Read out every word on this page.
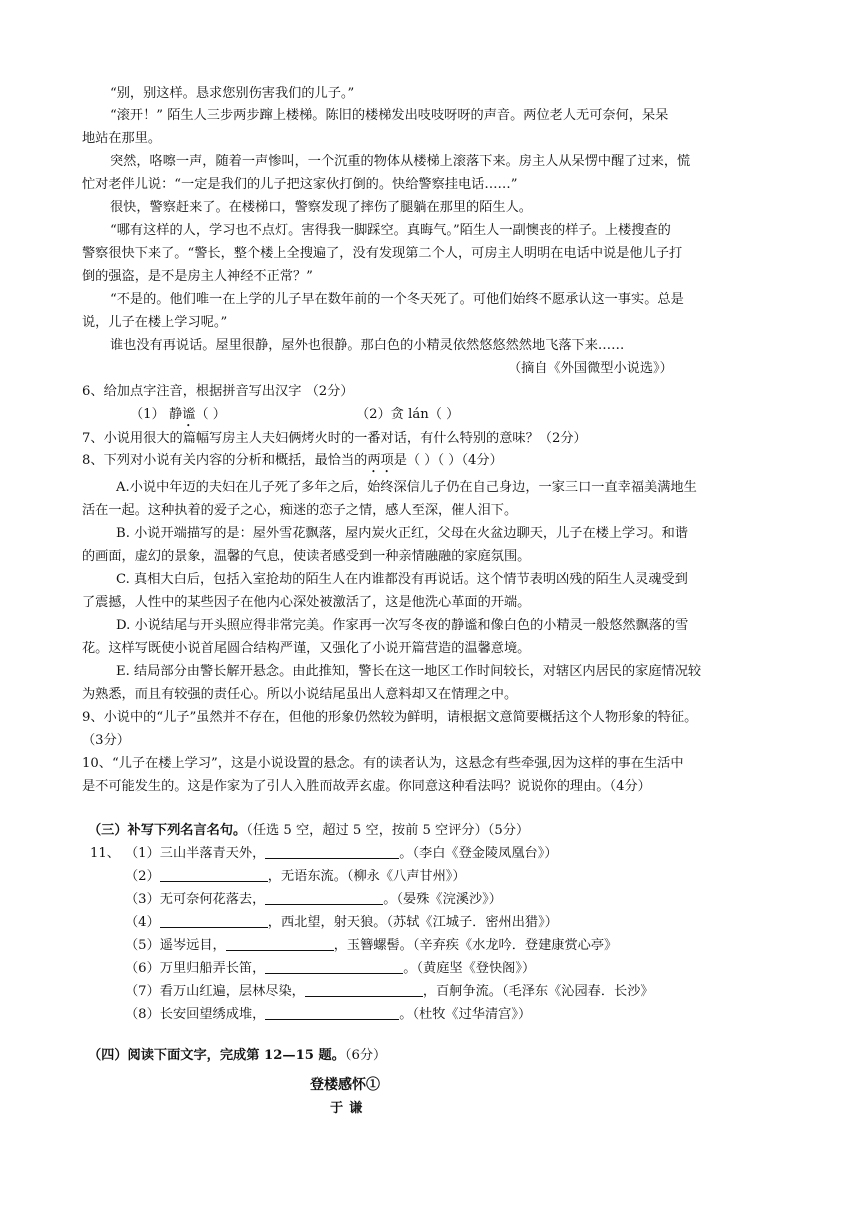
“别，别这样。恳求您别伤害我们的儿子。”
“滚开！” 陌生人三步两步蹿上楼梯。陈旧的楼梯发出吱吱呀呀的声音。两位老人无可奈何，呆呆
地站在那里。
突然，咯嚓一声，随着一声惨叫，一个沉重的物体从楼梯上滚落下来。房主人从呆愣中醒了过来，慌
忙对老伴儿说：“一定是我们的儿子把这家伙打倒的。快给警察挂电话……”
很快，警察赶来了。在楼梯口，警察发现了摔伤了腿躺在那里的陌生人。
“哪有这样的人，学习也不点灯。害得我一脚踩空。真晦气。”陌生人一副懊丧的样子。上楼搜查的
警察很快下来了。“警长，整个楼上全搜遍了，没有发现第二个人，可房主人明明在电话中说是他儿子打
倒的强盗，是不是房主人神经不正常？”
“不是的。他们唯一在上学的儿子早在数年前的一个冬天死了。可他们始终不愿承认这一事实。总是
说，儿子在楼上学习呢。”
谁也没有再说话。屋里很静，屋外也很静。那白色的小精灵依然悠悠然然地飞落下来……
（摘自《外国微型小说选》）
6、给加点字注音，根据拼音写出汉字 （2分）
（1） 静谧（ ）	（2）贪 lán（ ）
7、小说用很大的篇幅写房主人夫妇俩烤火时的一番对话，有什么特别的意味？（2分）
8、下列对小说有关内容的分析和概括，最恰当的两项是（ ）（ ）（4分）
A.小说中年迈的夫妇在儿子死了多年之后，始终深信儿子仍在自己身边，一家三口一直幸福美满地生
活在一起。这种执着的爱子之心，痴迷的恋子之情，感人至深，催人泪下。
B. 小说开端描写的是：屋外雪花飘落，屋内炭火正红，父母在火盆边聊天，儿子在楼上学习。和谐
的画面，虚幻的景象，温馨的气息，使读者感受到一种亲情融融的家庭氛围。
C. 真相大白后，包括入室抢劫的陌生人在内谁都没有再说话。这个情节表明凶残的陌生人灵魂受到
了震撼，人性中的某些因子在他内心深处被激活了，这是他洗心革面的开端。
D. 小说结尾与开头照应得非常完美。作家再一次写冬夜的静谧和像白色的小精灵一般悠然飘落的雪
花。这样写既使小说首尾圆合结构严谨，又强化了小说开篇营造的温馨意境。
E. 结局部分由警长解开悬念。由此推知，警长在这一地区工作时间较长，对辖区内居民的家庭情况较
为熟悉，而且有较强的责任心。所以小说结尾虽出人意料却又在情理之中。
9、小说中的“儿子”虽然并不存在，但他的形象仍然较为鲜明，请根据文意简要概括这个人物形象的特征。
（3分）
10、“儿子在楼上学习”，这是小说设置的悬念。有的读者认为，这悬念有些牵强,因为这样的事在生活中
是不可能发生的。这是作家为了引人入胜而故弄玄虚。你同意这种看法吗？说说你的理由。（4分）
（三）补写下列名言名句。（任选 5 空，超过 5 空，按前 5 空评分）（5分）
11、 （1）三山半落青天外，	。（李白《登金陵凤凰台》）
（2）	，无语东流。（柳永《八声甘州》）
（3）无可奈何花落去，	。（晏殊《浣溪沙》）
（4）	，西北望，射天狼。（苏轼《江城子．密州出猎》）
（5）遥岑远目，	，玉簪螺髻。（辛弃疾《水龙吟．登建康赏心亭》
（6）万里归船弄长笛，	。（黄庭坚《登快阁》）
（7）看万山红遍，层林尽染，	，百舸争流。（毛泽东《沁园春．长沙》
（8）长安回望绣成堆，	。（杜牧《过华清宫》）
（四）阅读下面文字，完成第 12—15 题。（6分）
登楼感怀①
于谦
